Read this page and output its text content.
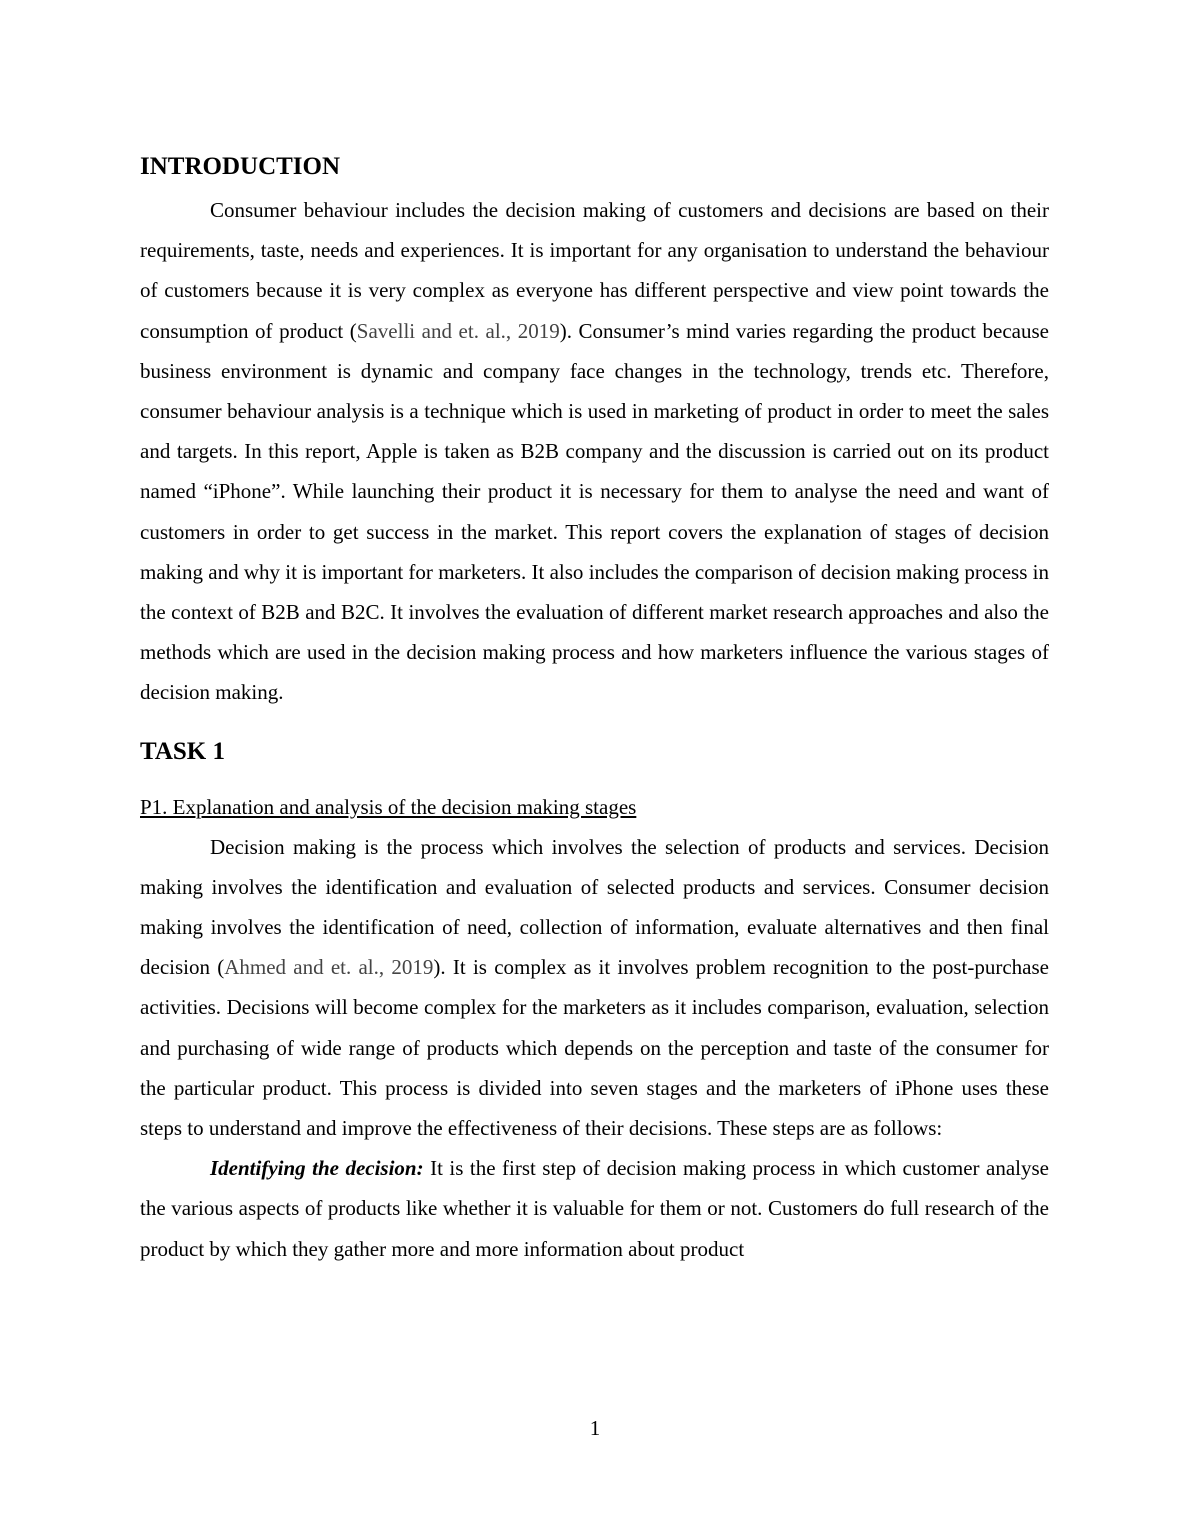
INTRODUCTION

Consumer behaviour includes the decision making of customers and decisions are based on their requirements, taste, needs and experiences. It is important for any organisation to understand the behaviour of customers because it is very complex as everyone has different perspective and view point towards the consumption of product (Savelli and et. al., 2019). Consumer’s mind varies regarding the product because business environment is dynamic and company face changes in the technology, trends etc. Therefore, consumer behaviour analysis is a technique which is used in marketing of product in order to meet the sales and targets. In this report, Apple is taken as B2B company and the discussion is carried out on its product named “iPhone”. While launching their product it is necessary for them to analyse the need and want of customers in order to get success in the market. This report covers the explanation of stages of decision making and why it is important for marketers. It also includes the comparison of decision making process in the context of B2B and B2C. It involves the evaluation of different market research approaches and also the methods which are used in the decision making process and how marketers influence the various stages of decision making.

TASK 1
P1. Explanation and analysis of the decision making stages

Decision making is the process which involves the selection of products and services. Decision making involves the identification and evaluation of selected products and services. Consumer decision making involves the identification of need, collection of information, evaluate alternatives and then final decision (Ahmed and et. al., 2019). It is complex as it involves problem recognition to the post-purchase activities. Decisions will become complex for the marketers as it includes comparison, evaluation, selection and purchasing of wide range of products which depends on the perception and taste of the consumer for the particular product. This process is divided into seven stages and the marketers of iPhone uses these steps to understand and improve the effectiveness of their decisions. These steps are as follows:

Identifying the decision: It is the first step of decision making process in which customer analyse the various aspects of products like whether it is valuable for them or not. Customers do full research of the product by which they gather more and more information about product

1
